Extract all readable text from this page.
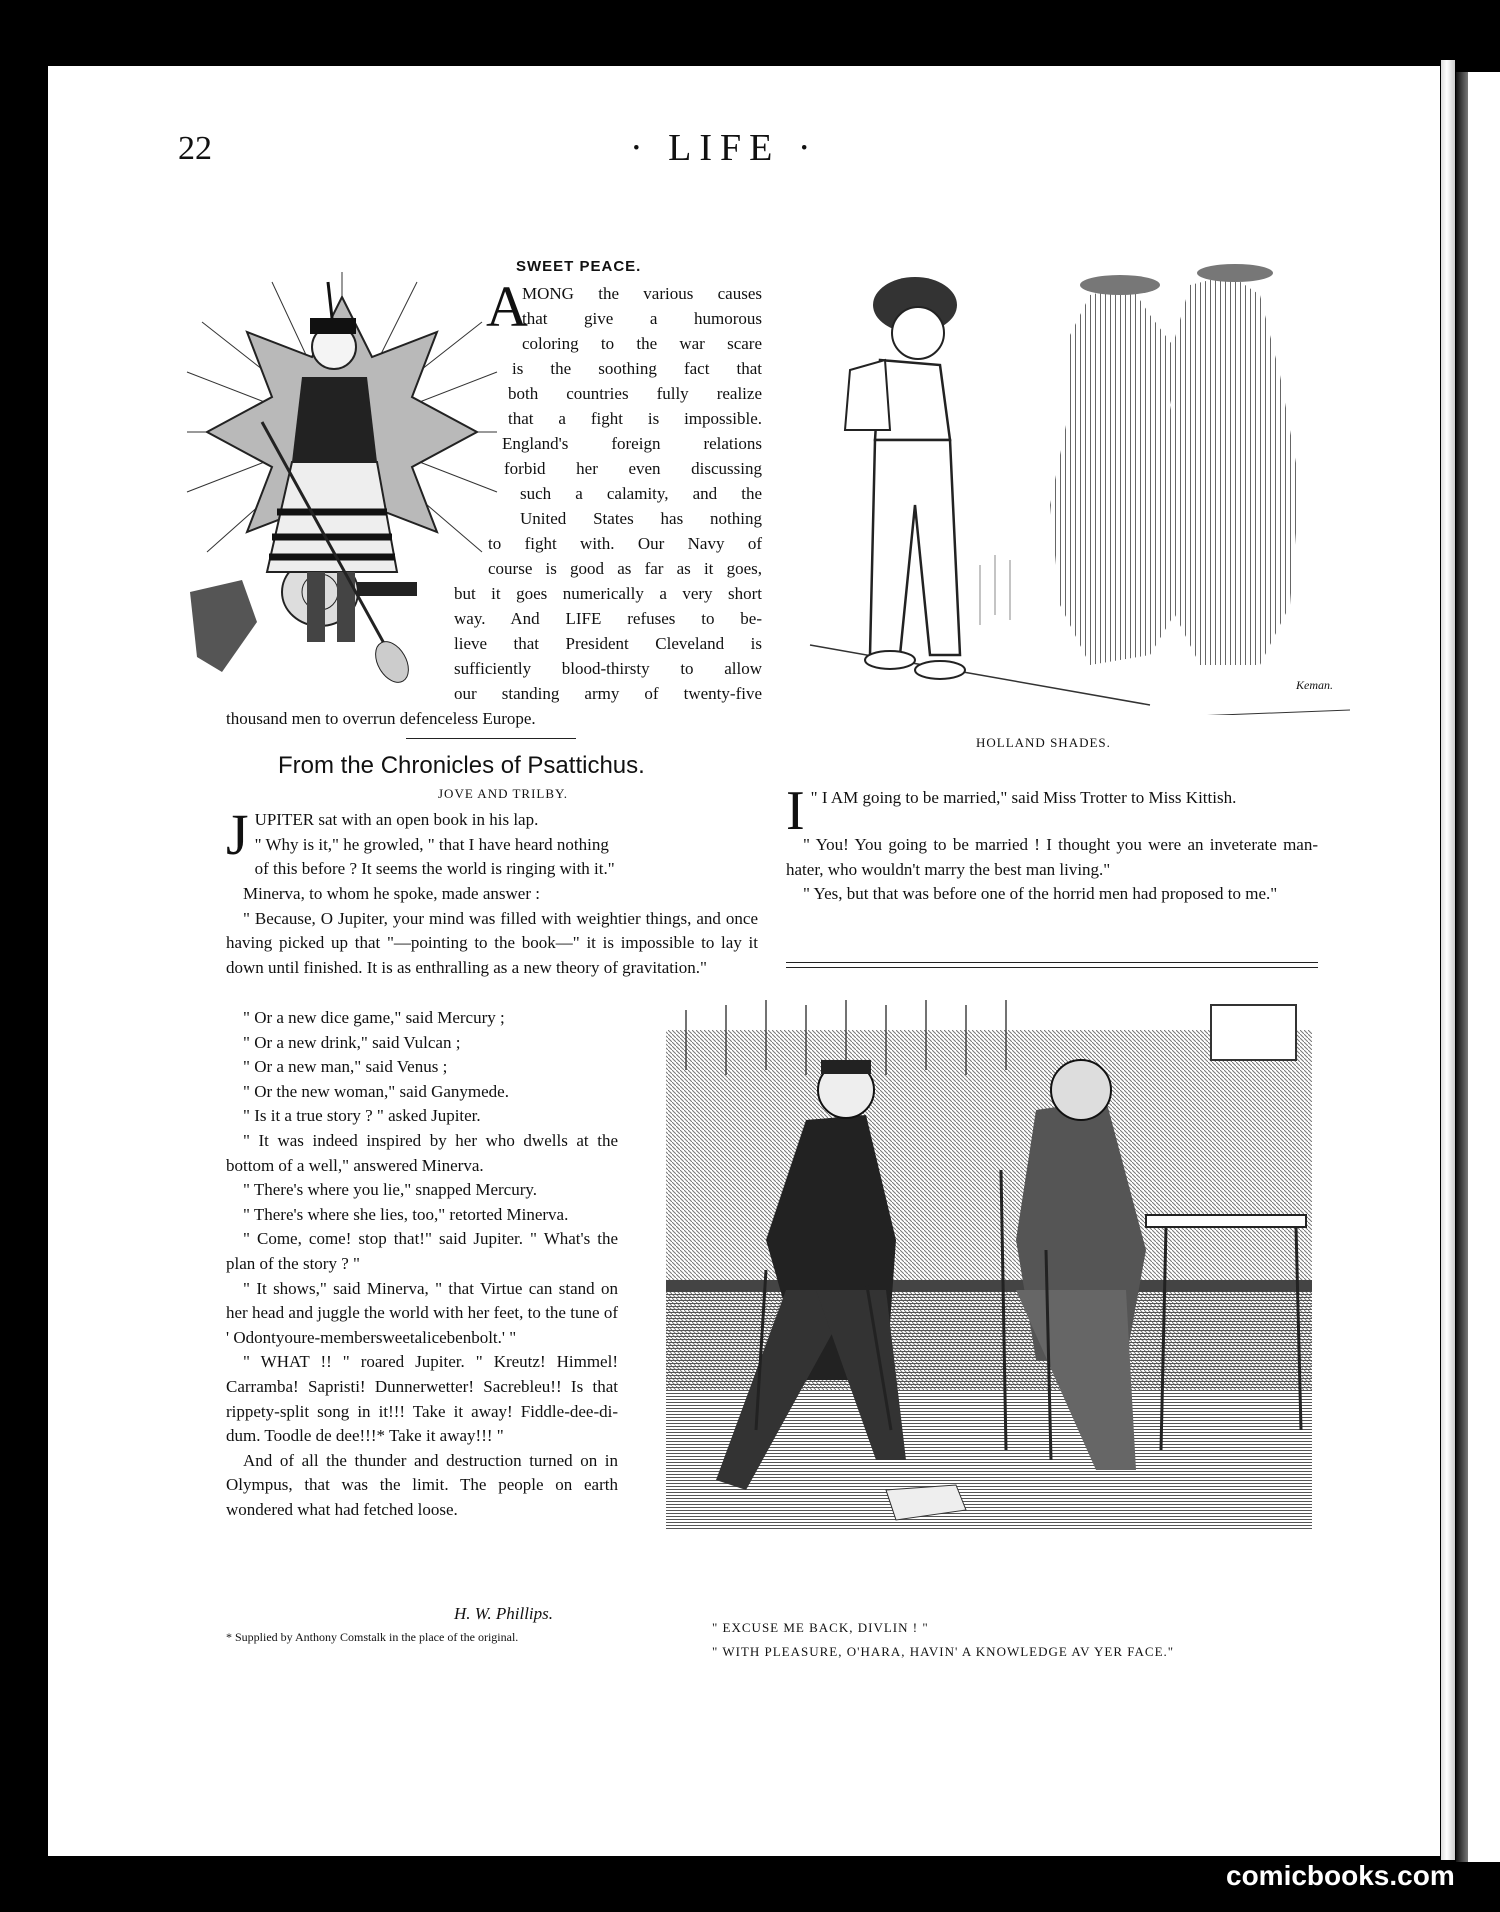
22	· LIFE ·
SWEET PEACE.
A
MONG the various causes
that give a humorous
coloring to the war scare
is the soothing fact that
both countries fully realize
that a fight is impossible.
England's foreign relations
forbid her even discussing
such a calamity, and the
United States has nothing
to fight with. Our Navy of
course is good as far as it goes,
but it goes numerically a very short
way. And LIFE refuses to be-
lieve that President Cleveland is
sufficiently blood-thirsty to allow
our standing army of twenty-five
thousand men to overrun defenceless Europe.
Keman.
HOLLAND SHADES.
From the Chronicles of Psattichus.
JOVE AND TRILBY.
J UPITER sat with an open book in his lap.
" Why is it," he growled, " that I have heard nothing
of this before ? It seems the world is ringing with it."

Minerva, to whom he spoke, made answer :

" Because, O Jupiter, your mind was filled with weightier things, and once having picked up that "—pointing to the book—" it is impossible to lay it down until finished. It is as enthralling as a new theory of gravitation."

" Or a new dice game," said Mercury ;

" Or a new drink," said Vulcan ;

" Or a new man," said Venus ;

" Or the new woman," said Ganymede.

" Is it a true story ? " asked Jupiter.

" It was indeed inspired by her who dwells at the bottom of a well," answered Minerva.

" There's where you lie," snapped Mercury.

" There's where she lies, too," retorted Minerva.

" Come, come! stop that!" said Jupiter. " What's the plan of the story ? "

" It shows," said Minerva, " that Virtue can stand on her head and juggle the world with her feet, to the tune of ' Odontyoure-membersweetalicebenbolt.' "

" WHAT !! " roared Jupiter. " Kreutz! Himmel! Carramba! Sapristi! Dunnerwetter! Sacrebleu!! Is that rippety-split song in it!!! Take it away! Fiddle-dee-di-dum. Toodle de dee!!!* Take it away!!! "

And of all the thunder and destruction turned on in Olympus, that was the limit. The people on earth wondered what had fetched loose.

H. W. Phillips.
* Supplied by Anthony Comstalk in the place of the original.
I " I AM going to be married," said Miss Trotter to Miss Kittish.

" You! You going to be married ! I thought you were an inveterate man-hater, who wouldn't marry the best man living."

" Yes, but that was before one of the horrid men had proposed to me."

" EXCUSE ME BACK, DIVLIN ! "
" WITH PLEASURE, O'HARA, HAVIN' A KNOWLEDGE AV YER FACE."
comicbooks.com
